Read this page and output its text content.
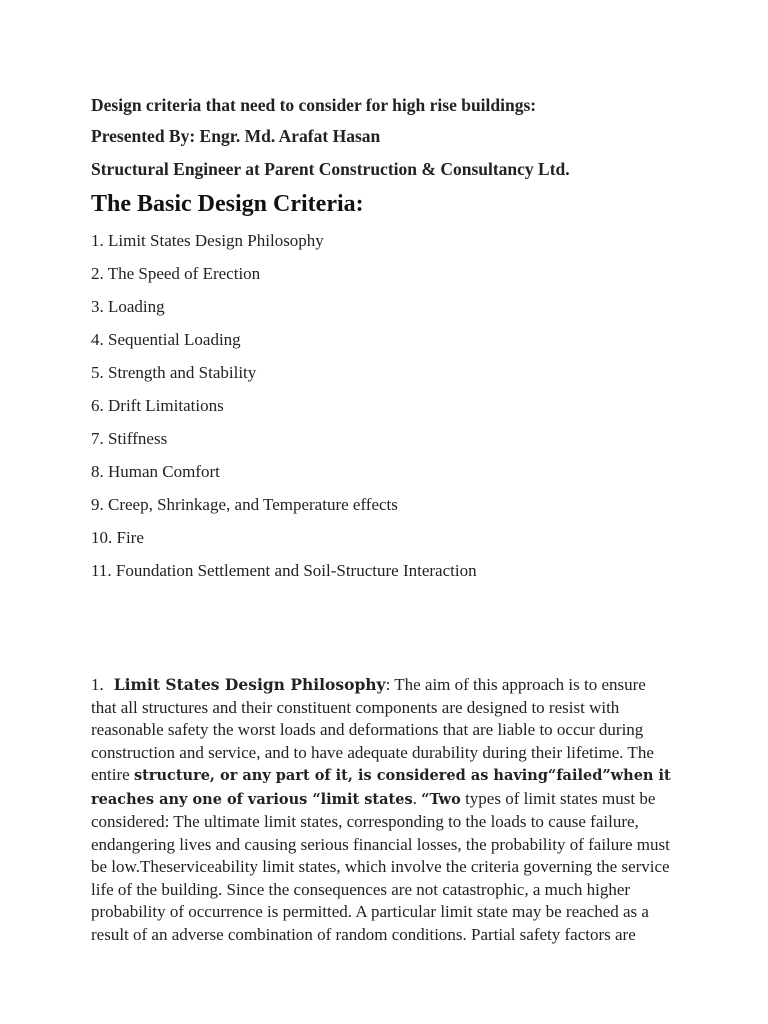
Design criteria that need to consider for high rise buildings:
Presented By: Engr. Md. Arafat Hasan
Structural Engineer at Parent Construction & Consultancy Ltd.
The Basic Design Criteria:
1. Limit States Design Philosophy
2. The Speed of Erection
3. Loading
4. Sequential Loading
5. Strength and Stability
6. Drift Limitations
7. Stiffness
8. Human Comfort
9. Creep, Shrinkage, and Temperature effects
10. Fire
11. Foundation Settlement and Soil-Structure Interaction

1. Limit States Design Philosophy: The aim of this approach is to ensure that all structures and their constituent components are designed to resist with reasonable safety the worst loads and deformations that are liable to occur during construction and service, and to have adequate durability during their lifetime. The entire structure, or any part of it, is considered as having“failed”when it reaches any one of various “limit states. “Two types of limit states must be considered: The ultimate limit states, corresponding to the loads to cause failure, endangering lives and causing serious financial losses, the probability of failure must be low.Theserviceability limit states, which involve the criteria governing the service life of the building. Since the consequences are not catastrophic, a much higher probability of occurrence is permitted. A particular limit state may be reached as a result of an adverse combination of random conditions. Partial safety factors are
